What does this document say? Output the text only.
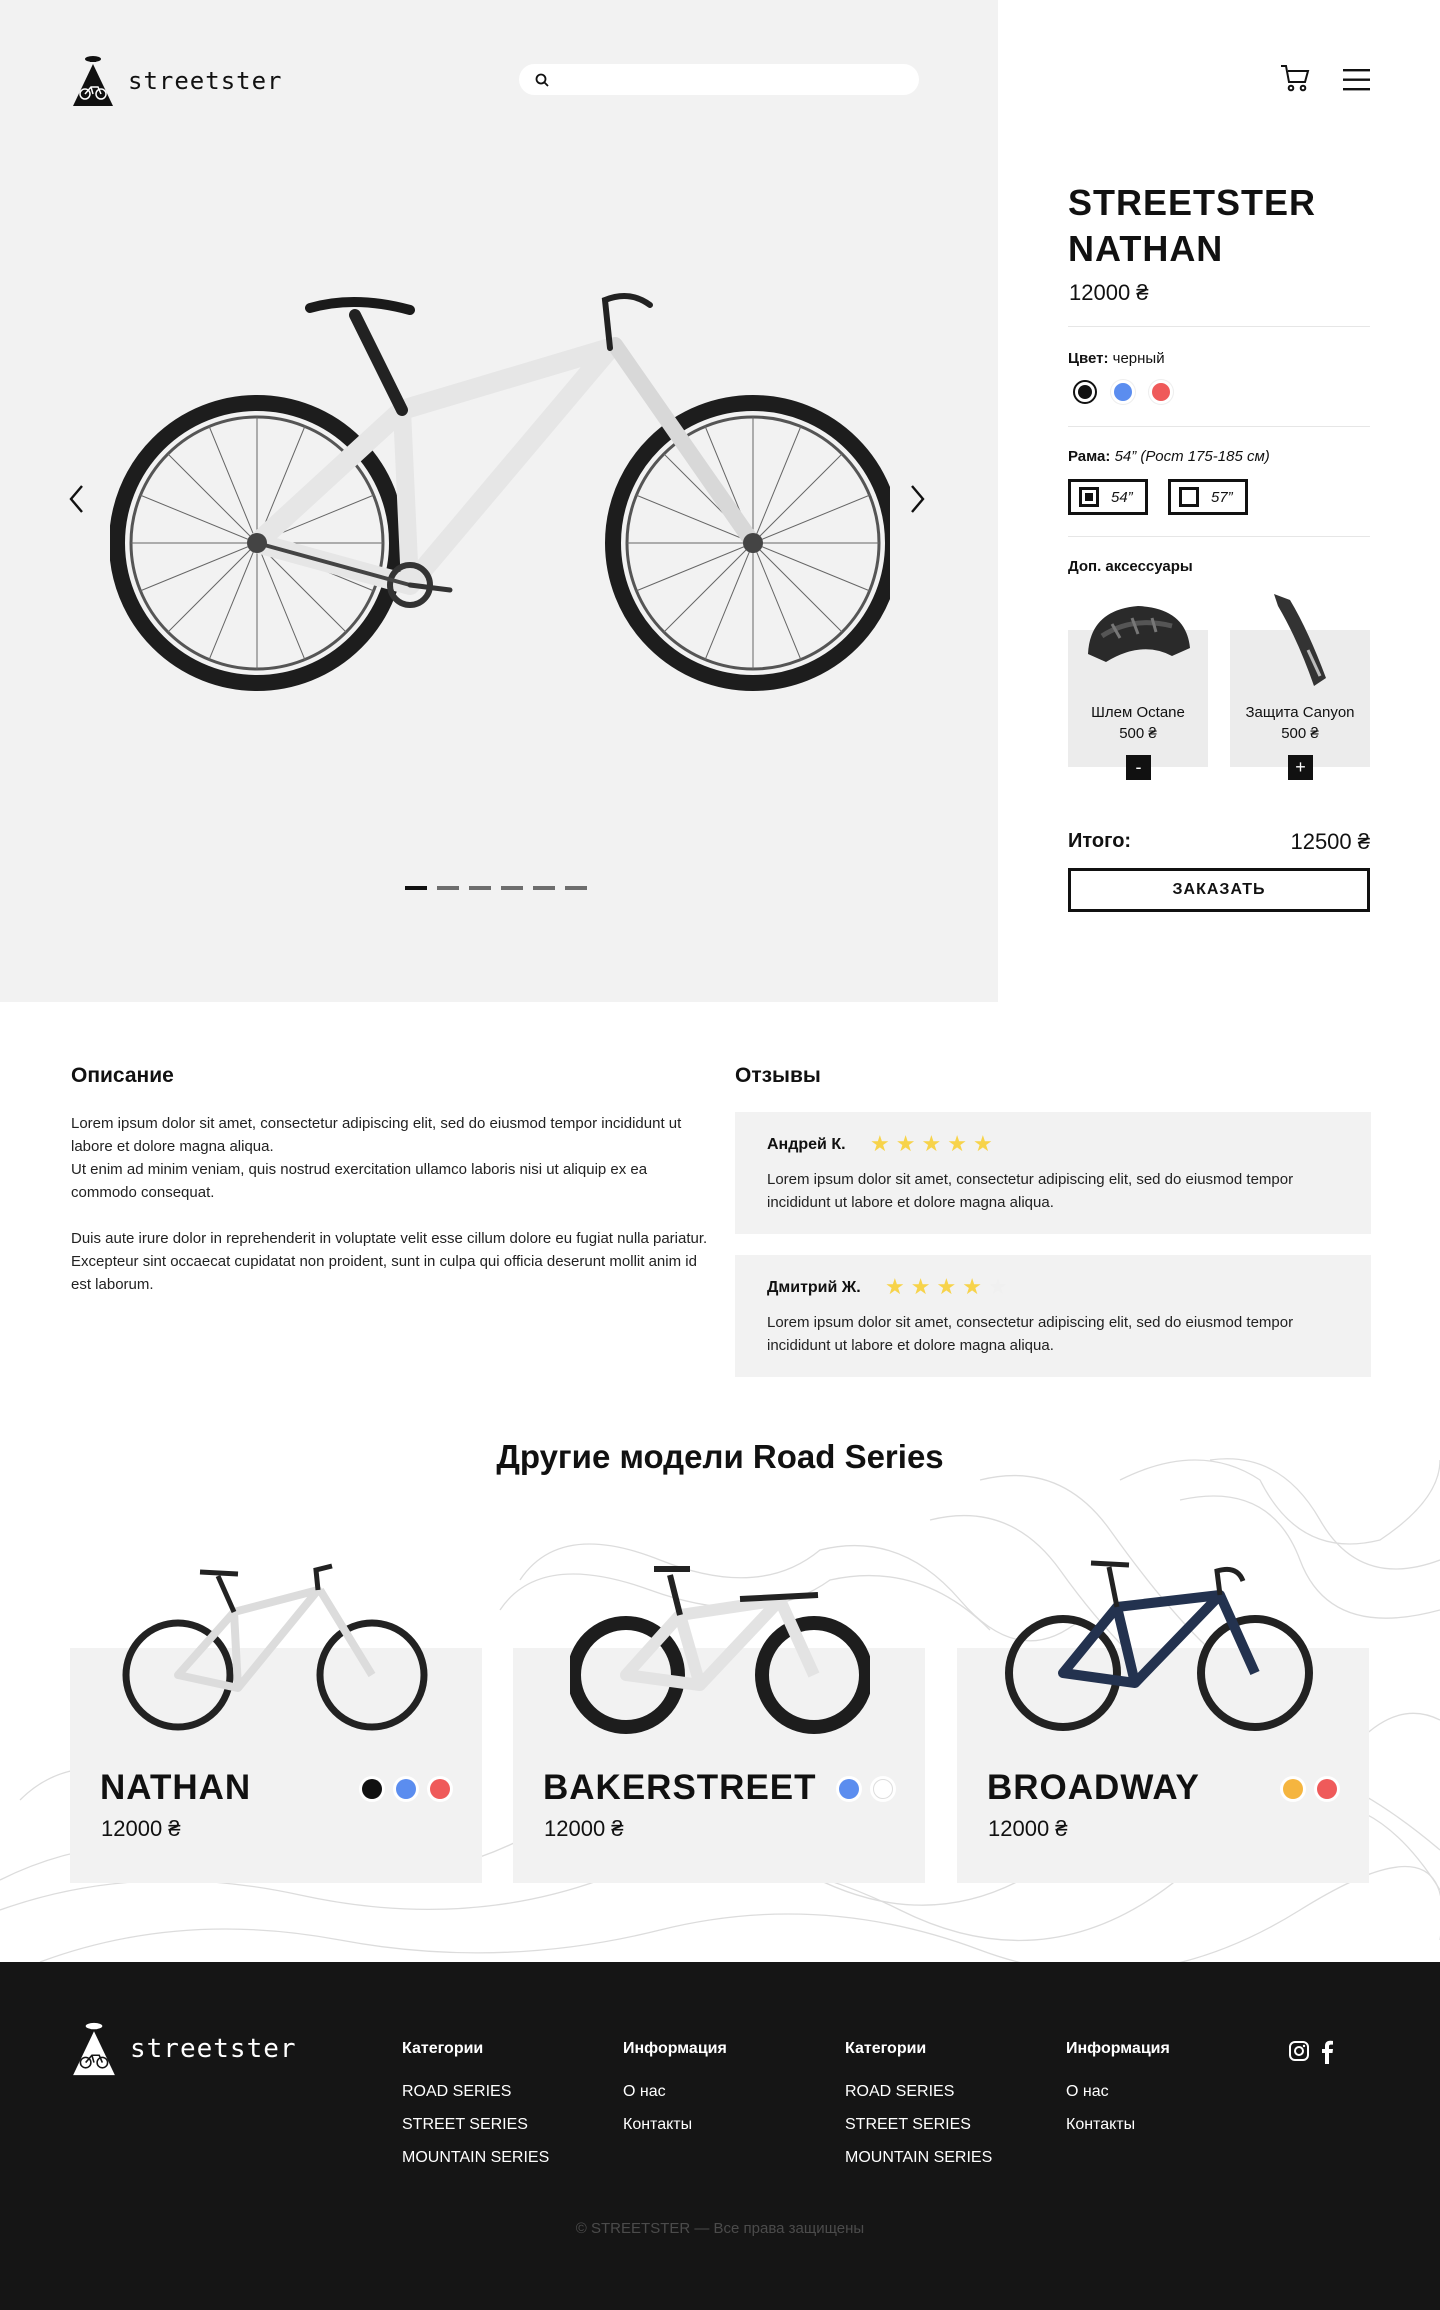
streetster
STREETSTER
NATHAN
12000 ₴
Цвет: черный
Рама: 54” (Рост 175-185 см)
54”	57”
Доп. аксессуары
Шлем Octane
500 ₴
-
Защита Canyon
500 ₴
+
Итого:	12500 ₴
ЗАКАЗАТЬ
Описание

Lorem ipsum dolor sit amet, consectetur adipiscing elit, sed do eiusmod tempor incididunt ut labore et dolore magna aliqua.

Ut enim ad minim veniam, quis nostrud exercitation ullamco laboris nisi ut aliquip ex ea commodo consequat.

Duis aute irure dolor in reprehenderit in voluptate velit esse cillum dolore eu fugiat nulla pariatur. Excepteur sint occaecat cupidatat non proident, sunt in culpa qui officia deserunt mollit anim id est laborum.

Отзывы
Андрей К. ★ ★ ★ ★ ★
Lorem ipsum dolor sit amet, consectetur adipiscing elit, sed do eiusmod tempor incididunt ut labore et dolore magna aliqua.
Дмитрий Ж. ★ ★ ★ ★ ★
Lorem ipsum dolor sit amet, consectetur adipiscing elit, sed do eiusmod tempor incididunt ut labore et dolore magna aliqua.
Другие модели Road Series
NATHAN
12000 ₴
BAKERSTREET
12000 ₴
BROADWAY
12000 ₴
streetster	Категории
ROAD SERIES
STREET SERIES
MOUNTAIN SERIES
Информация
О нас
Контакты
Категории
ROAD SERIES
STREET SERIES
MOUNTAIN SERIES
Информация
О нас
Контакты
© STREETSTER — Все права защищены
